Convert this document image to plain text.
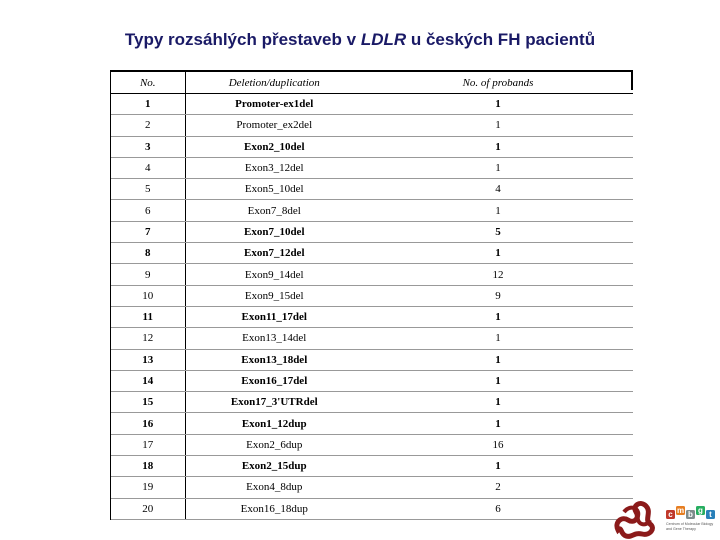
Typy rozsáhlých přestaveb v LDLR u českých FH pacientů
No.	Deletion/duplication	No. of probands
1	Promoter-ex1del	1
2	Promoter_ex2del	1
3	Exon2_10del	1
4	Exon3_12del	1
5	Exon5_10del	4
6	Exon7_8del	1
7	Exon7_10del	5
8	Exon7_12del	1
9	Exon9_14del	12
10	Exon9_15del	9
11	Exon11_17del	1
12	Exon13_14del	1
13	Exon13_18del	1
14	Exon16_17del	1
15	Exon17_3'UTRdel	1
16	Exon1_12dup	1
17	Exon2_6dup	16
18	Exon2_15dup	1
19	Exon4_8dup	2
20	Exon16_18dup	6	c m b g t
Centrum of Molecular Biology
and Gene Therapy
